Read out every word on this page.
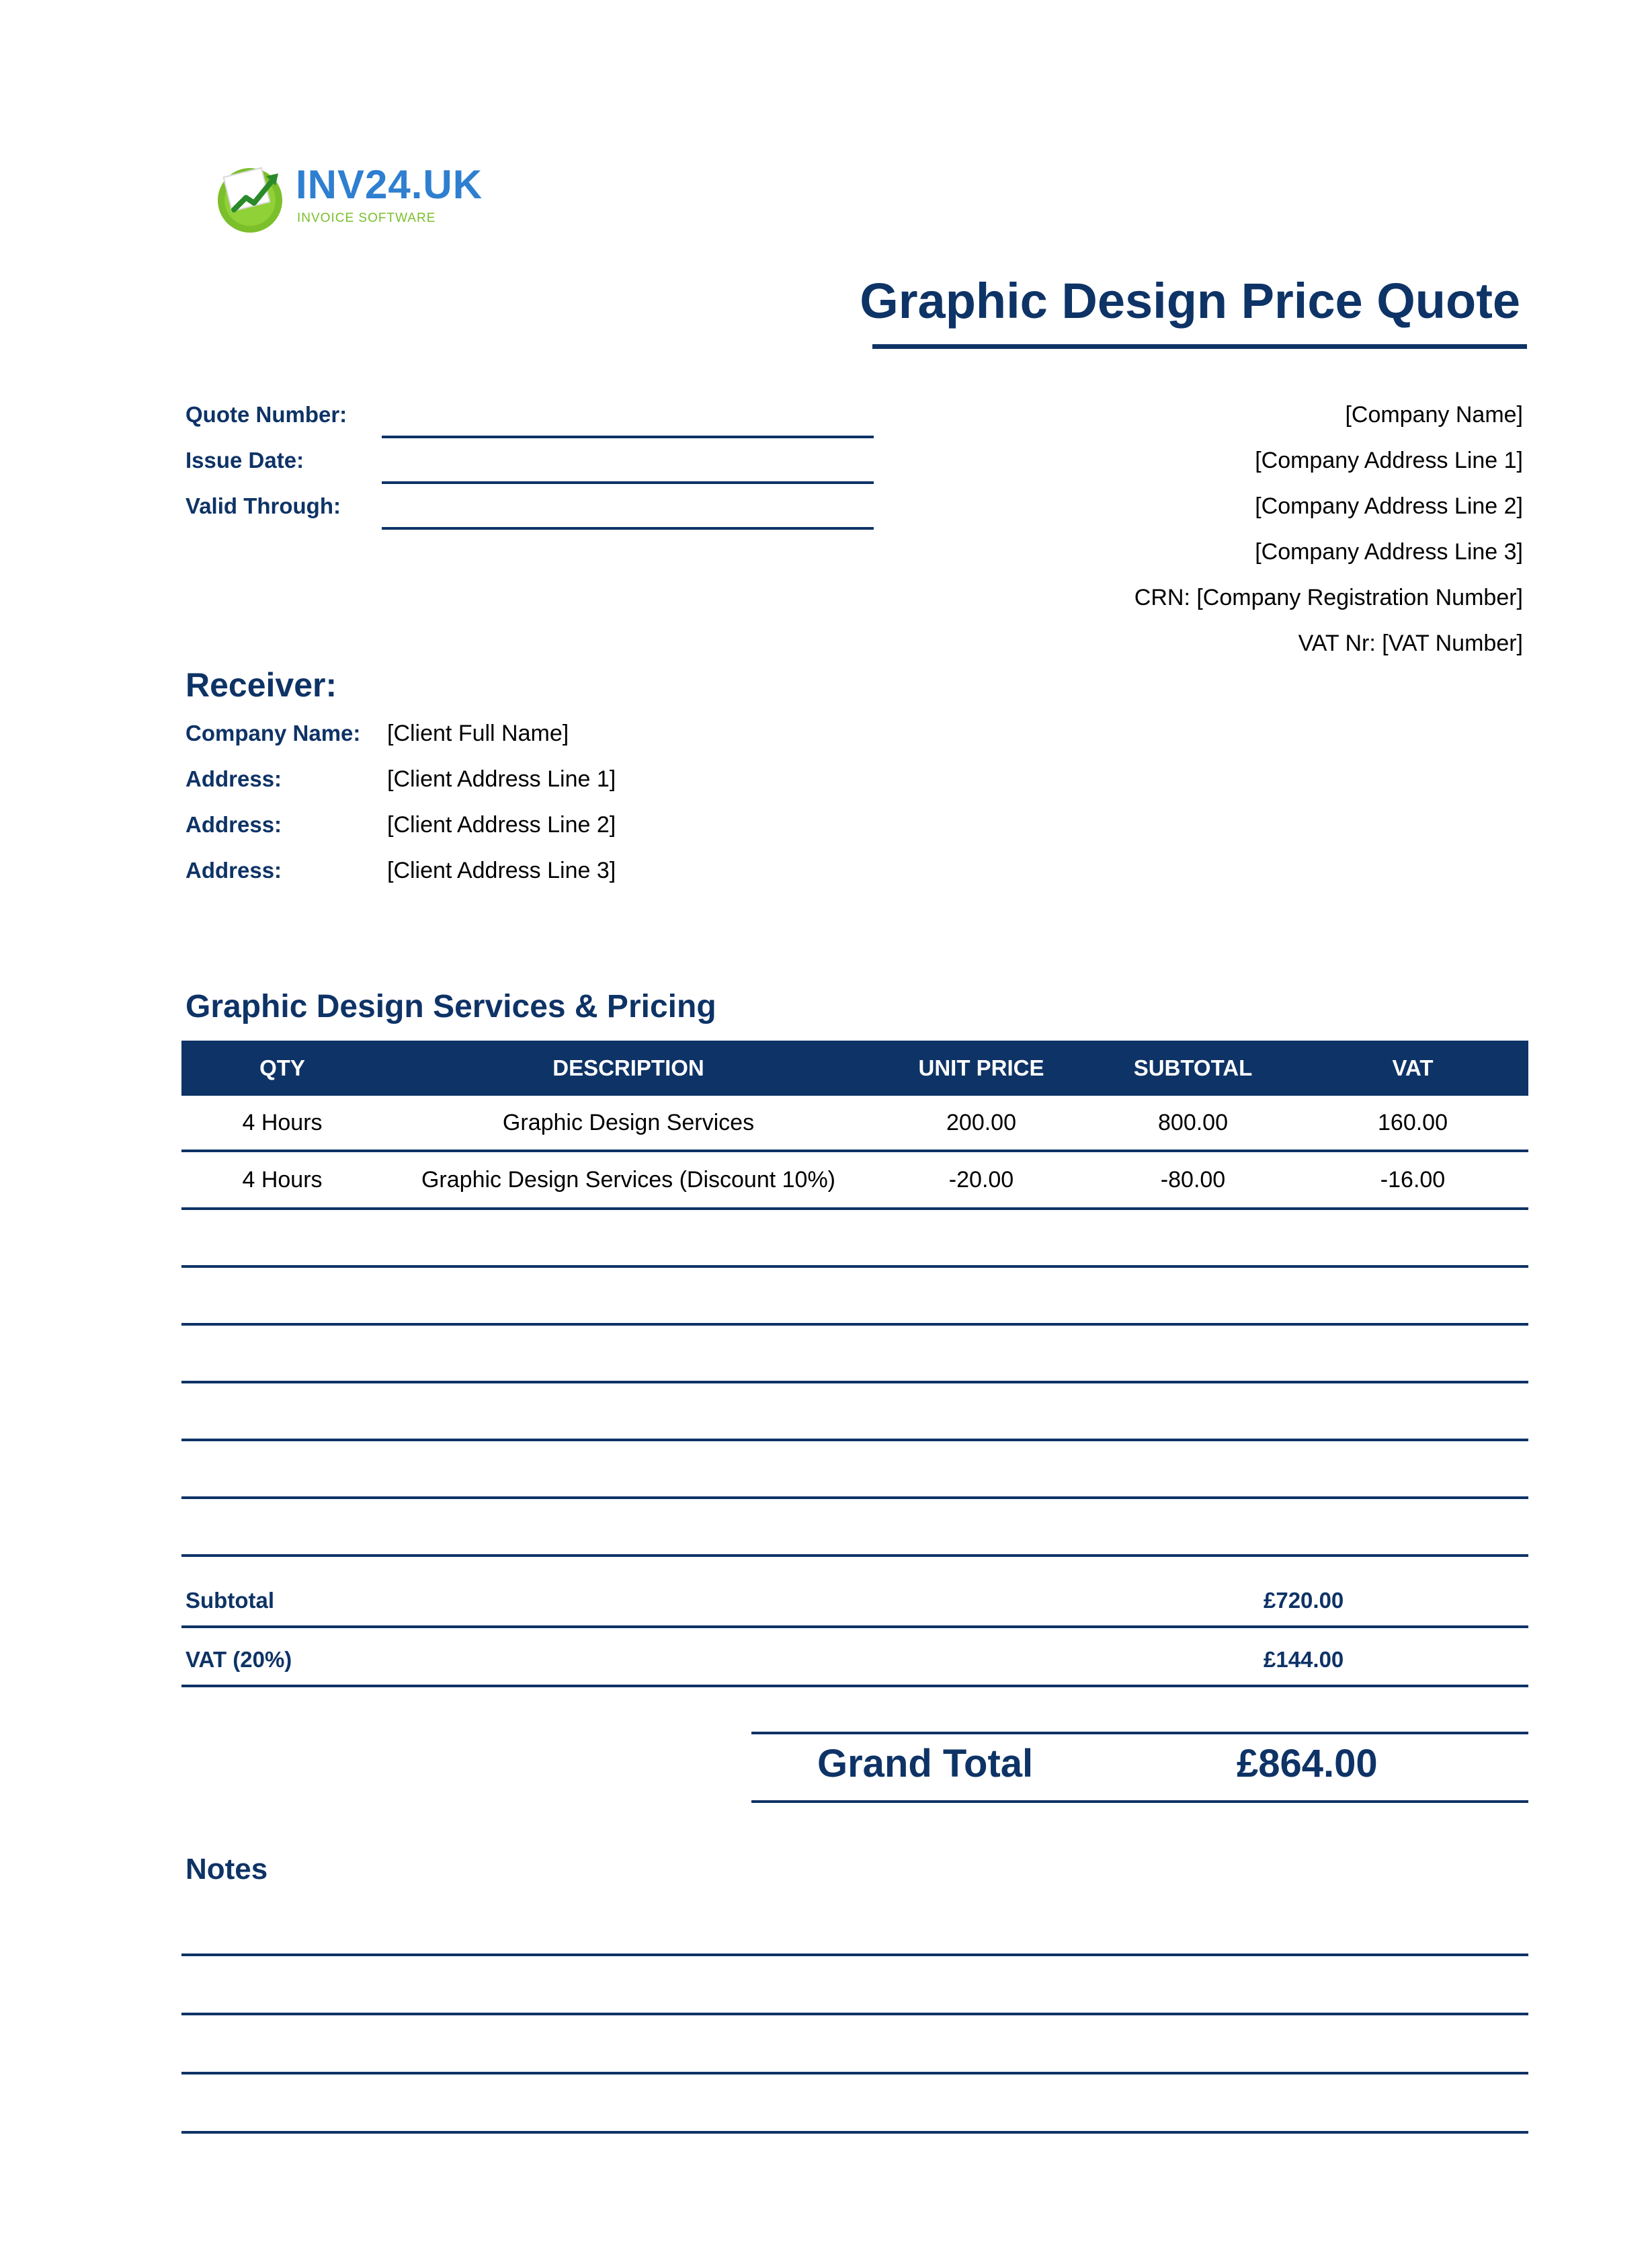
INV24.UK
INVOICE SOFTWARE
Graphic Design Price Quote
Quote Number:
Issue Date:
Valid Through:
[Company Name]
[Company Address Line 1]
[Company Address Line 2]
[Company Address Line 3]
CRN: [Company Registration Number]
VAT Nr: [VAT Number]
Receiver:
Company Name: [Client Full Name]
Address:	[Client Address Line 1]
Address:	[Client Address Line 2]
Address:	[Client Address Line 3]
Graphic Design Services & Pricing
QTY	DESCRIPTION	UNIT PRICE	SUBTOTAL	VAT
4 Hours	Graphic Design Services	200.00	800.00	160.00
4 Hours	Graphic Design Services (Discount 10%)	-20.00	-80.00	-16.00
Subtotal	£720.00
VAT (20%)	£144.00
Grand Total	£864.00
Notes
